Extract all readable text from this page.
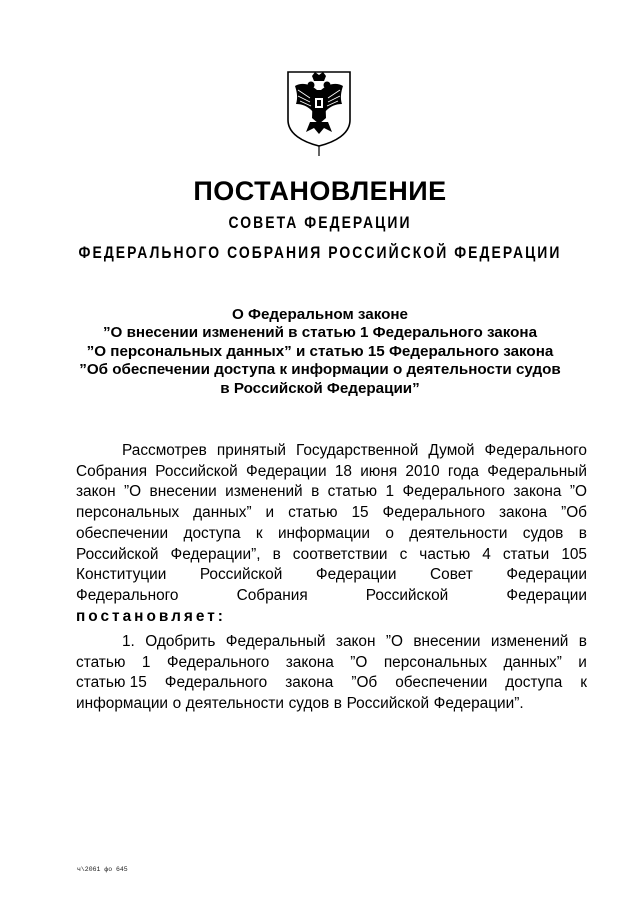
ПОСТАНОВЛЕНИЕ
СОВЕТА ФЕДЕРАЦИИ
ФЕДЕРАЛЬНОГО СОБРАНИЯ РОССИЙСКОЙ ФЕДЕРАЦИИ
О Федеральном законе
”О внесении изменений в статью 1 Федерального закона
”О персональных данных” и статью 15 Федерального закона
”Об обеспечении доступа к информации о деятельности судов
в Российской Федерации”
Рассмотрев принятый Государственной Думой Федерального
Собрания Российской Федерации 18 июня 2010 года Федеральный
закон ”О внесении изменений в статью 1 Федерального закона ”О
персональных данных” и статью 15 Федерального закона ”Об
обеспечении доступа к информации о деятельности судов в
Российской Федерации”, в соответствии с частью 4 статьи 105
Конституции Российской Федерации Совет Федерации
Федерального	Собрания	Российской	Федерации
постановляет:
1. Одобрить Федеральный закон ”О внесении изменений в
статью 1 Федерального закона ”О персональных данных” и
статью 15 Федерального закона ”Об обеспечении доступа к
информации о деятельности судов в Российской Федерации”.
ч\2061 фо 645
